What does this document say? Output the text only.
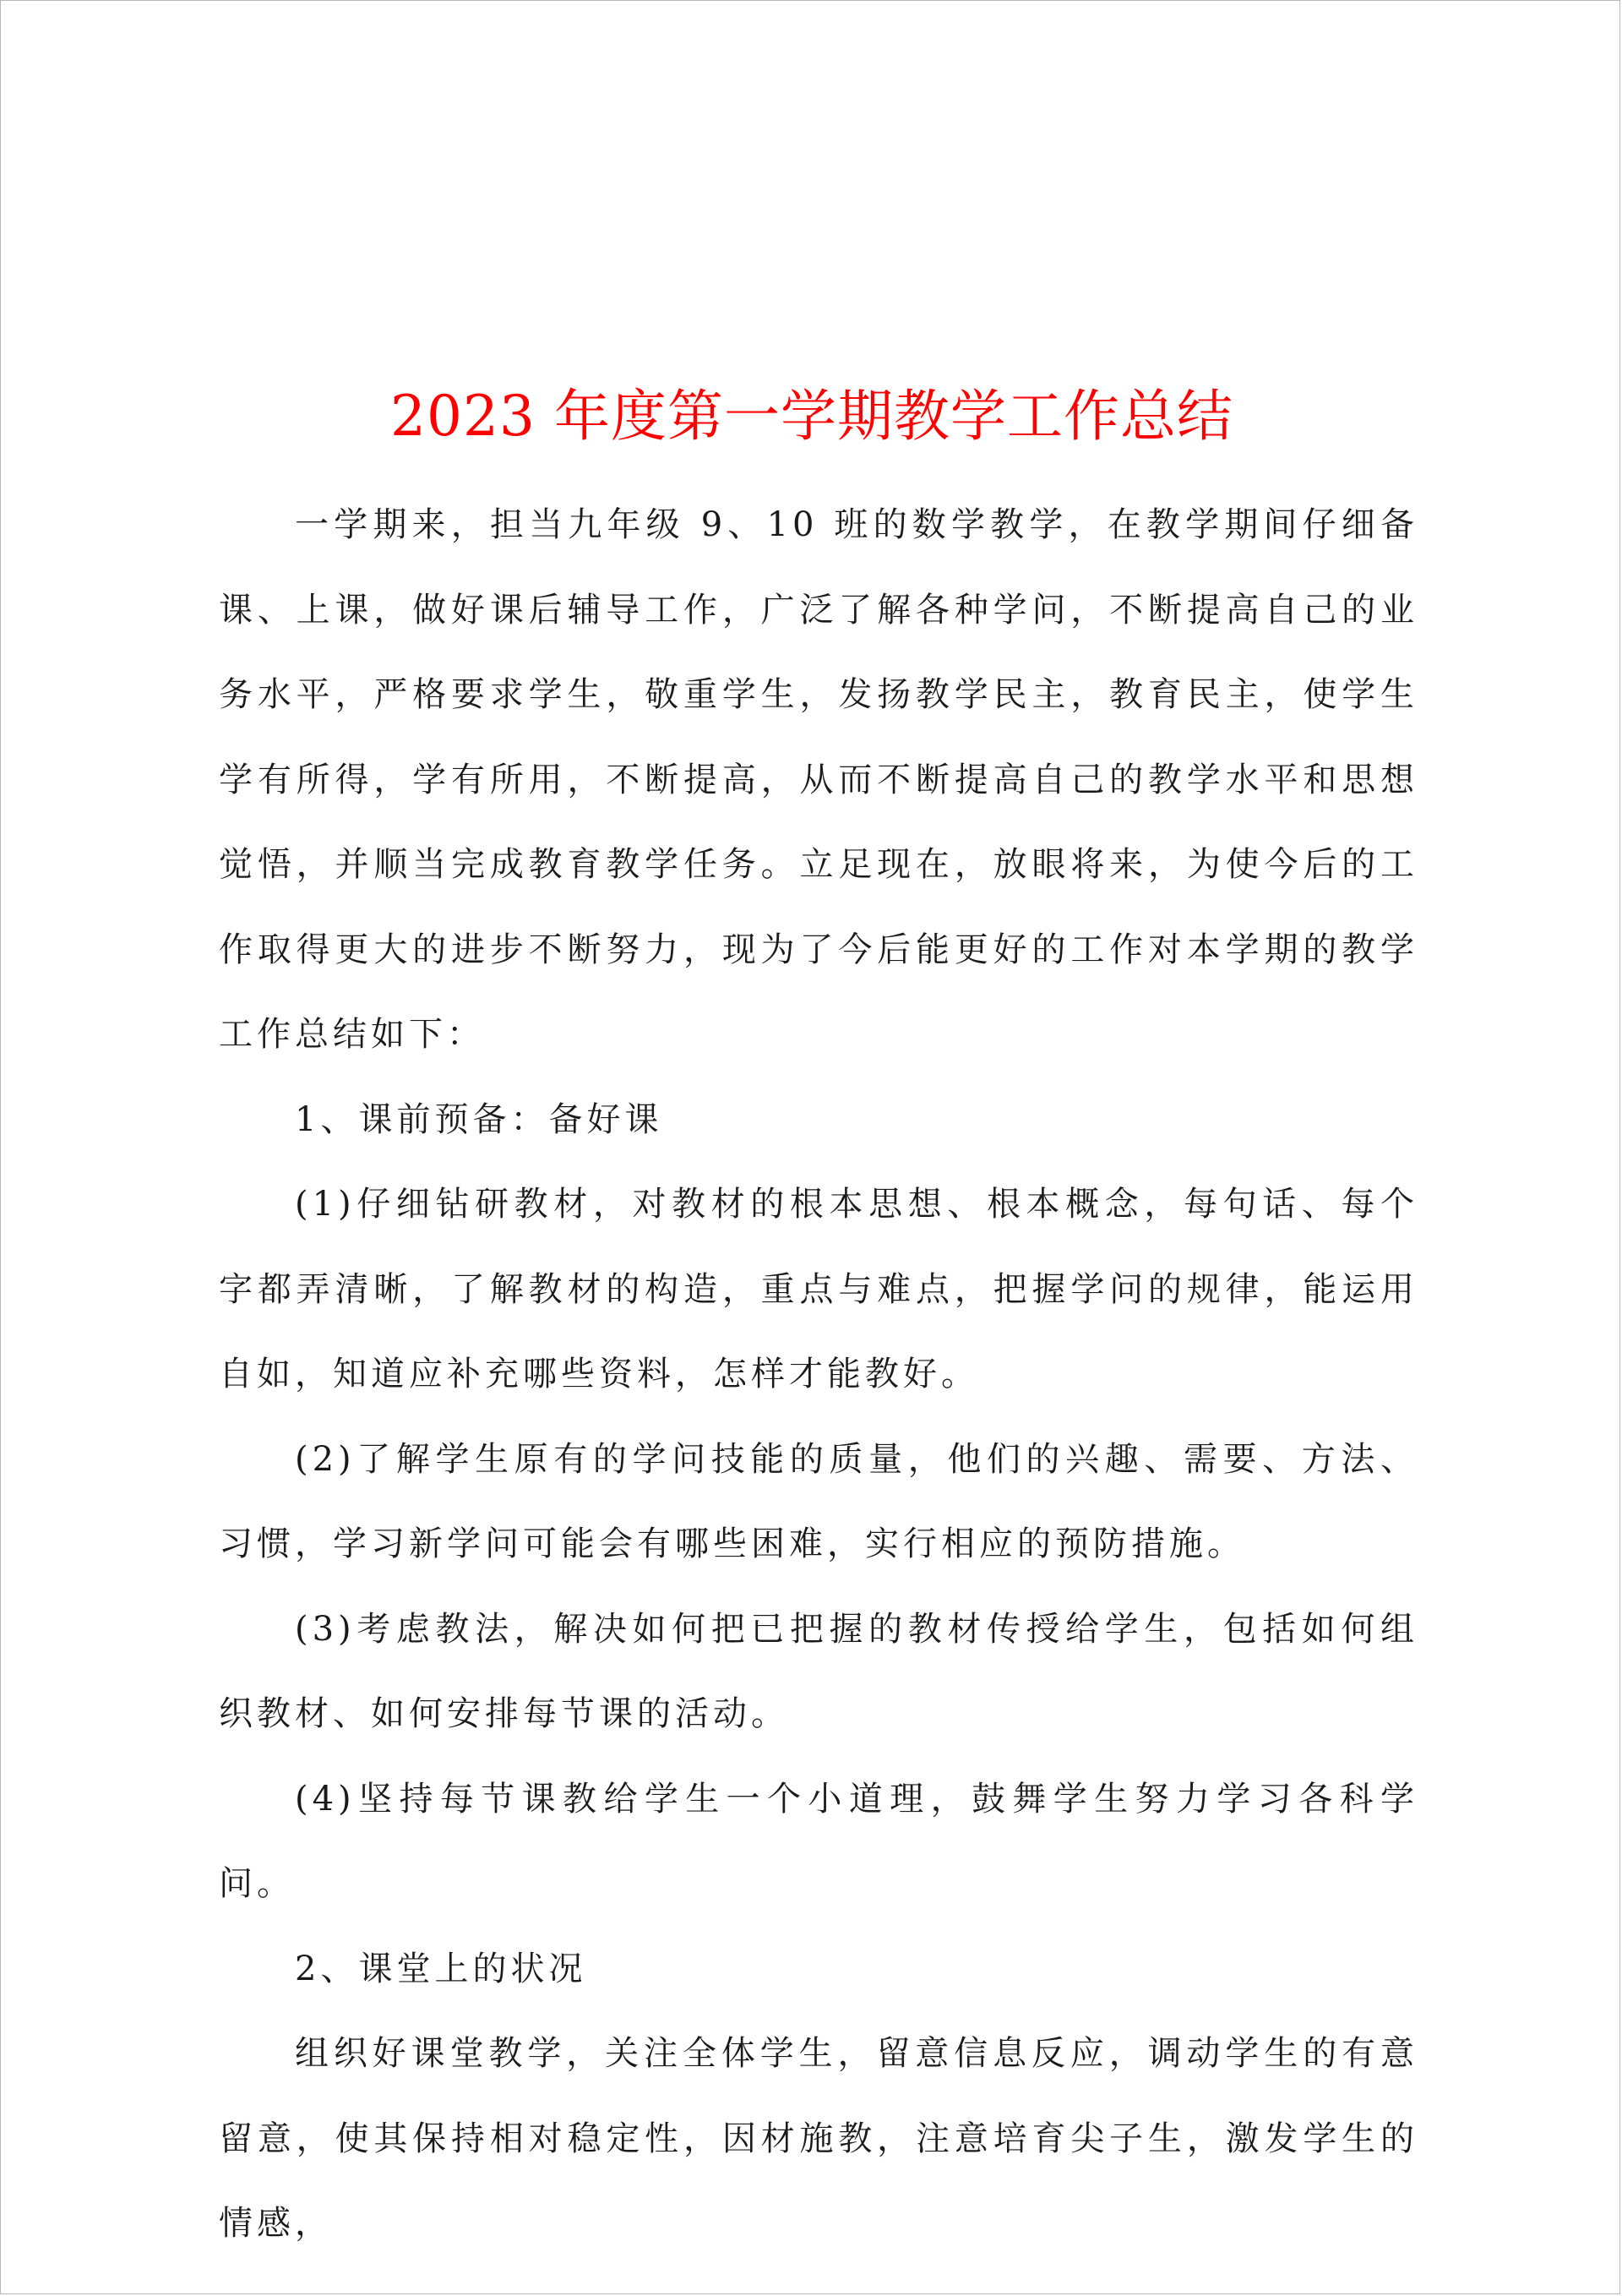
2023 年度第一学期教学工作总结

一学期来，担当九年级 9、10 班的数学教学，在教学期间仔细备课、上课，做好课后辅导工作，广泛了解各种学问，不断提高自己的业务水平，严格要求学生，敬重学生，发扬教学民主，教育民主，使学生学有所得，学有所用，不断提高，从而不断提高自己的教学水平和思想觉悟，并顺当完成教育教学任务。立足现在，放眼将来，为使今后的工作取得更大的进步不断努力，现为了今后能更好的工作对本学期的教学工作总结如下：

1、课前预备：备好课

(1)仔细钻研教材，对教材的根本思想、根本概念，每句话、每个字都弄清晰，了解教材的构造，重点与难点，把握学问的规律，能运用自如，知道应补充哪些资料，怎样才能教好。

(2)了解学生原有的学问技能的质量，他们的兴趣、需要、方法、习惯，学习新学问可能会有哪些困难，实行相应的预防措施。

(3)考虑教法，解决如何把已把握的教材传授给学生，包括如何组织教材、如何安排每节课的活动。

(4)坚持每节课教给学生一个小道理，鼓舞学生努力学习各科学问。

2、课堂上的状况

组织好课堂教学，关注全体学生，留意信息反应，调动学生的有意留意，使其保持相对稳定性，因材施教，注意培育尖子生，激发学生的情感，
